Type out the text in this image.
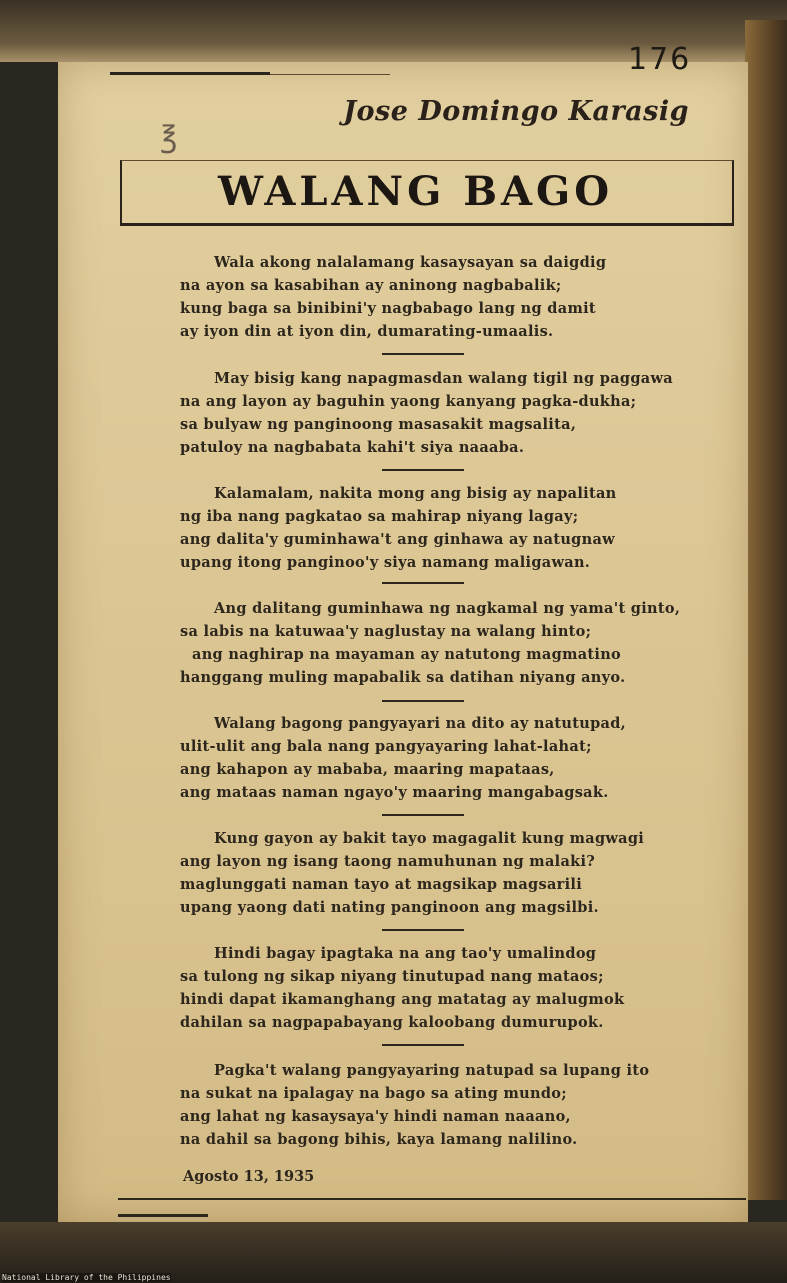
176
Jose Domingo Karasig
℥
WALANG BAGO
Wala akong nalalamang kasaysayan sa daigdig
na ayon sa kasabihan ay aninong nagbabalik;
kung baga sa binibini'y nagbabago lang ng damit
ay iyon din at iyon din, dumarating-umaalis.
May bisig kang napagmasdan walang tigil ng paggawa
na ang layon ay baguhin yaong kanyang pagka-dukha;
sa bulyaw ng panginoong masasakit magsalita,
patuloy na nagbabata kahi't siya naaaba.
Kalamalam, nakita mong ang bisig ay napalitan
ng iba nang pagkatao sa mahirap niyang lagay;
ang dalita'y guminhawa't ang ginhawa ay natugnaw
upang itong panginoo'y siya namang maligawan.
Ang dalitang guminhawa ng nagkamal ng yama't ginto,
sa labis na katuwaa'y naglustay na walang hinto;
ang naghirap na mayaman ay natutong magmatino
hanggang muling mapabalik sa datihan niyang anyo.
Walang bagong pangyayari na dito ay natutupad,
ulit-ulit ang bala nang pangyayaring lahat-lahat;
ang kahapon ay mababa, maaring mapataas,
ang mataas naman ngayo'y maaring mangabagsak.
Kung gayon ay bakit tayo magagalit kung magwagi
ang layon ng isang taong namuhunan ng malaki?
maglunggati naman tayo at magsikap magsarili
upang yaong dati nating panginoon ang magsilbi.
Hindi bagay ipagtaka na ang tao'y umalindog
sa tulong ng sikap niyang tinutupad nang mataos;
hindi dapat ikamanghang ang matatag ay malugmok
dahilan sa nagpapabayang kaloobang dumurupok.
Pagka't walang pangyayaring natupad sa lupang ito
na sukat na ipalagay na bago sa ating mundo;
ang lahat ng kasaysaya'y hindi naman naaano,
na dahil sa bagong bihis, kaya lamang nalilino.
Agosto 13, 1935
National Library of the Philippines
